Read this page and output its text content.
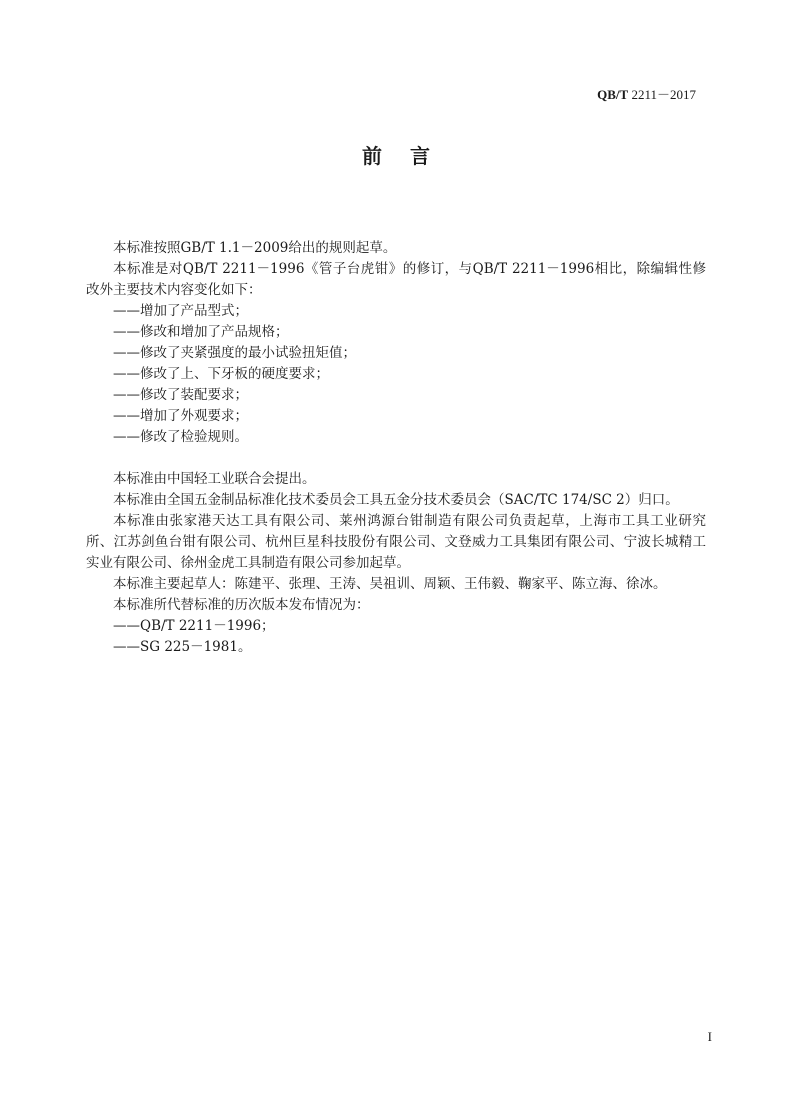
QB/T 2211－2017
前言

本标准按照GB/T 1.1－2009给出的规则起草。

本标准是对QB/T 2211－1996《管子台虎钳》的修订，与QB/T 2211－1996相比，除编辑性修改外主要技术内容变化如下：

——增加了产品型式；

——修改和增加了产品规格；

——修改了夹紧强度的最小试验扭矩值；

——修改了上、下牙板的硬度要求；

——修改了装配要求；

——增加了外观要求；

——修改了检验规则。

本标准由中国轻工业联合会提出。

本标准由全国五金制品标准化技术委员会工具五金分技术委员会（SAC/TC 174/SC 2）归口。

本标准由张家港天达工具有限公司、莱州鸿源台钳制造有限公司负责起草，上海市工具工业研究所、江苏剑鱼台钳有限公司、杭州巨星科技股份有限公司、文登威力工具集团有限公司、宁波长城精工实业有限公司、徐州金虎工具制造有限公司参加起草。

本标准主要起草人：陈建平、张理、王涛、吴祖训、周颖、王伟毅、鞠家平、陈立海、徐冰。

本标准所代替标准的历次版本发布情况为：

——QB/T 2211－1996；

——SG 225－1981。

I
